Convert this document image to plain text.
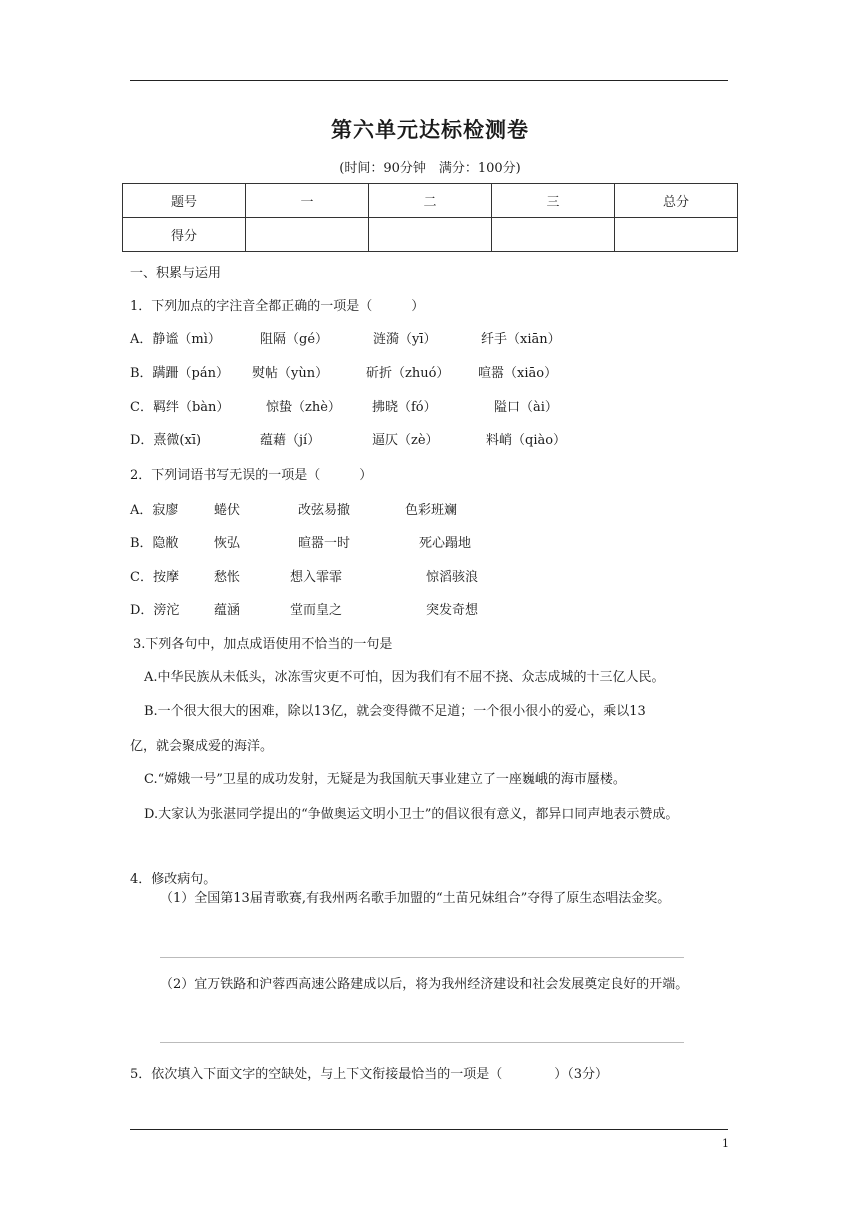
第六单元达标检测卷
(时间：90分钟　满分：100分)
题号	一	二	三	总分
得分				
一、积累与运用
1．下列加点的字注音全都正确的一项是（　　　）
A．静谧（mì）	阻隔（gé）	涟漪（yī）	纤手（xiān）
B．蹒跚（pán） 熨帖（yùn）	斫折（zhuó） 喧嚣（xiāo）
C．羁绊（bàn）	惊蛰（zhè） 拂晓（fó）	隘口（ài）
D．熹微(xī)	蕴藉（jí）	逼仄（zè）	料峭（qiào）
2．下列词语书写无误的一项是（　　　）
A．寂廖	蜷伏	改弦易撤	色彩班斓
B．隐敝	恢弘	暄嚣一时	死心蹋地
C．按摩	愁怅	想入霏霏	惊滔骇浪
D．滂沱	蕴涵	堂而皇之	突发奇想
3.下列各句中，加点成语使用不恰当的一句是
A.中华民族从未低头，冰冻雪灾更不可怕，因为我们有不屈不挠、众志成城的十三亿人民。
B.一个很大很大的困难，除以13亿，就会变得微不足道；一个很小很小的爱心，乘以13
亿，就会聚成爱的海洋。
C.“嫦娥一号”卫星的成功发射，无疑是为我国航天事业建立了一座巍峨的海市蜃楼。
D.大家认为张湛同学提出的“争做奥运文明小卫士”的倡议很有意义，都异口同声地表示赞成。
4．修改病句。
（1）全国第13届青歌赛,有我州两名歌手加盟的“土苗兄妹组合”夺得了原生态唱法金奖。
（2）宜万铁路和沪蓉西高速公路建成以后，将为我州经济建设和社会发展奠定良好的开端。
5．依次填入下面文字的空缺处，与上下文衔接最恰当的一项是（　　　　）（3分）
1
